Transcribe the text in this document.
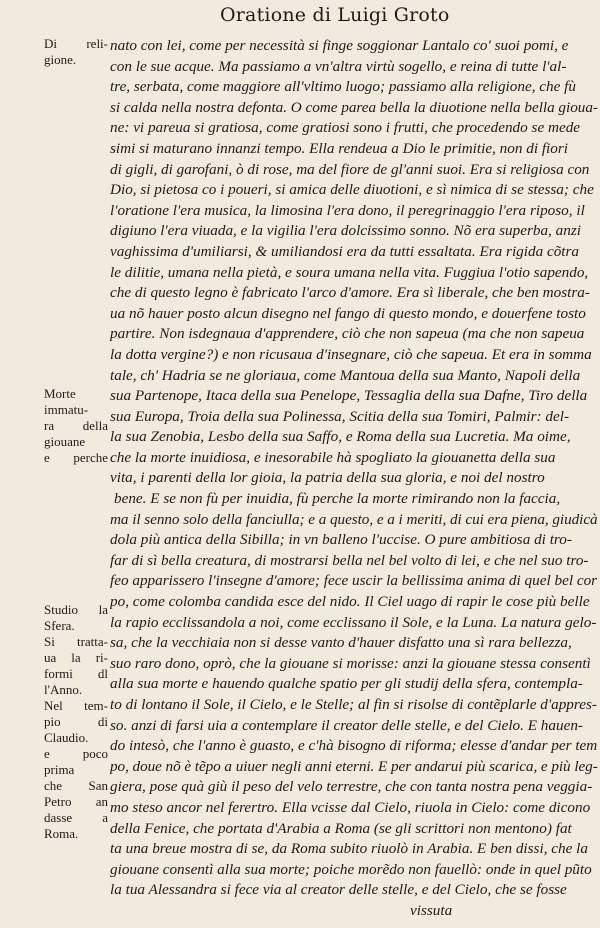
Oratione di Luigi Groto
Di reli-
gione.
Morte
immatu-
ra della
giouane
e perche
Studio la
Sfera.
Si tratta-
ua la ri-
formi dl
l'Anno.
Nel tem-
pio di
Claudio.
e poco
prima
che San
Petro an
dasse a
Roma.
nato con lei, come per necessità si finge soggionar Lantalo co' suoi pomi, e
con le sue acque. Ma passiamo a vn'altra virtù sogello, e reina di tutte l'al-
tre, serbata, come maggiore all'vltimo luogo; passiamo alla religione, che fù
si calda nella nostra defonta. O come parea bella la diuotione nella bella gioua-
ne: vi pareua si gratiosa, come gratiosi sono i frutti, che procedendo se mede
simi si maturano innanzi tempo. Ella rendeua a Dio le primitie, non di fiori
di gigli, di garofani, ò di rose, ma del fiore de gl'anni suoi. Era si religiosa con
Dio, si pietosa co i poueri, si amica delle diuotioni, e sì nimica di se stessa; che
l'oratione l'era musica, la limosina l'era dono, il peregrinaggio l'era riposo, il
digiuno l'era viuada, e la vigilia l'era dolcissimo sonno. Nõ era superba, anzi
vaghissima d'umiliarsi, & umiliandosi era da tutti essaltata. Era rigida cõtra
le dilitie, umana nella pietà, e soura umana nella vita. Fuggiua l'otio sapendo,
che di questo legno è fabricato l'arco d'amore. Era sì liberale, che ben mostra-
ua nõ hauer posto alcun disegno nel fango di questo mondo, e douerfene tosto
partire. Non isdegnaua d'apprendere, ciò che non sapeua (ma che non sapeua
la dotta vergine?) e non ricusaua d'insegnare, ciò che sapeua. Et era in somma
tale, ch' Hadria se ne gloriaua, come Mantoua della sua Manto, Napoli della
sua Partenope, Itaca della sua Penelope, Tessaglia della sua Dafne, Tiro della
sua Europa, Troia della sua Polinessa, Scitia della sua Tomiri, Palmir: del-
la sua Zenobia, Lesbo della sua Saffo, e Roma della sua Lucretia. Ma oime,
che la morte inuidiosa, e inesorabile hà spogliato la giouanetta della sua
vita, i parenti della lor gioia, la patria della sua gloria, e noi del nostro
bene. E se non fù per inuidia, fù perche la morte rimirando non la faccia,
ma il senno solo della fanciulla; e a questo, e a i meriti, di cui era piena, giudicà
dola più antica della Sibilla; in vn balleno l'uccise. O pure ambitiosa di tro-
far di sì bella creatura, di mostrarsi bella nel bel volto di lei, e che nel suo tro-
feo apparissero l'insegne d'amore; fece uscir la bellissima anima di quel bel cor
po, come colomba candida esce del nido. Il Ciel uago di rapir le cose più belle
la rapio ecclissandola a noi, come ecclissano il Sole, e la Luna. La natura gelo-
sa, che la vecchiaia non si desse vanto d'hauer disfatto una sì rara bellezza,
suo raro dono, oprò, che la giouane si morisse: anzi la giouane stessa consentì
alla sua morte e hauendo qualche spatio per gli studij della sfera, contempla-
to di lontano il Sole, il Cielo, e le Stelle; al fin si risolse di contẽplarle d'appres-
so. anzi di farsi uia a contemplare il creator delle stelle, e del Cielo. E hauen-
do intesò, che l'anno è guasto, e c'hà bisogno di riforma; elesse d'andar per tem
po, doue nõ è tẽpo a uiuer negli anni eterni. E per andarui più scarica, e più leg-
giera, pose quà giù il peso del velo terrestre, che con tanta nostra pena veggia-
mo steso ancor nel ferertro. Ella vcisse dal Cielo, riuola in Cielo: come dicono
della Fenice, che portata d'Arabia a Roma (se gli scrittori non mentono) fat
ta una breue mostra di se, da Roma subito riuolò in Arabia. E ben dissi, che la
giouane consentì alla sua morte; poiche morẽdo non fauellò: onde in quel pũto
la tua Alessandra si fece via al creator delle stelle, e del Cielo, che se fosse
vissuta
